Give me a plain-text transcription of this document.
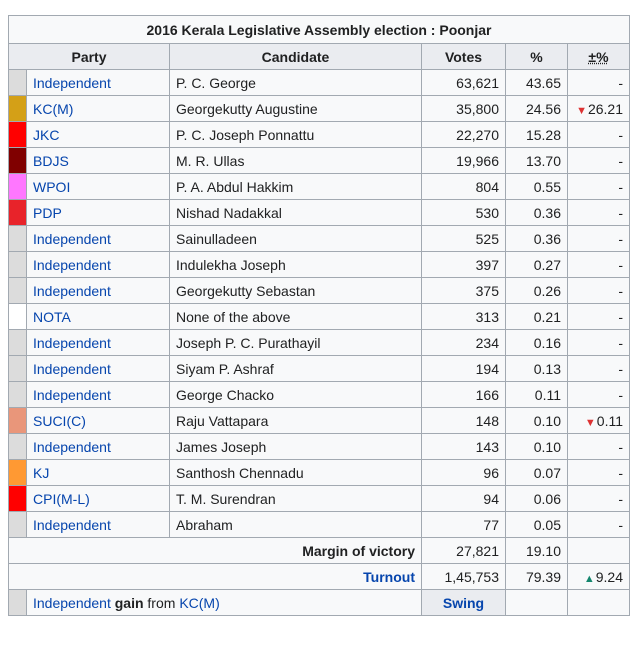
2016 Kerala Legislative Assembly election : Poonjar					
Party		Candidate	Votes	%	±%
	Independent	P. C. George	63,621	43.65	-
	KC(M)	Georgekutty Augustine	35,800	24.56	▼26.21
	JKC	P. C. Joseph Ponnattu	22,270	15.28	-
	BDJS	M. R. Ullas	19,966	13.70	-
	WPOI	P. A. Abdul Hakkim	804	0.55	-
	PDP	Nishad Nadakkal	530	0.36	-
	Independent	Sainulladeen	525	0.36	-
	Independent	Indulekha Joseph	397	0.27	-
	Independent	Georgekutty Sebastan	375	0.26	-
	NOTA	None of the above	313	0.21	-
	Independent	Joseph P. C. Purathayil	234	0.16	-
	Independent	Siyam P. Ashraf	194	0.13	-
	Independent	George Chacko	166	0.11	-
	SUCI(C)	Raju Vattapara	148	0.10	▼0.11
	Independent	James Joseph	143	0.10	-
	KJ	Santhosh Chennadu	96	0.07	-
	CPI(M-L)	T. M. Surendran	94	0.06	-
	Independent	Abraham	77	0.05	-
Margin of victory			27,821	19.10	
Turnout			1,45,753	79.39	▲9.24
	Independent gain from KC(M)		Swing		
